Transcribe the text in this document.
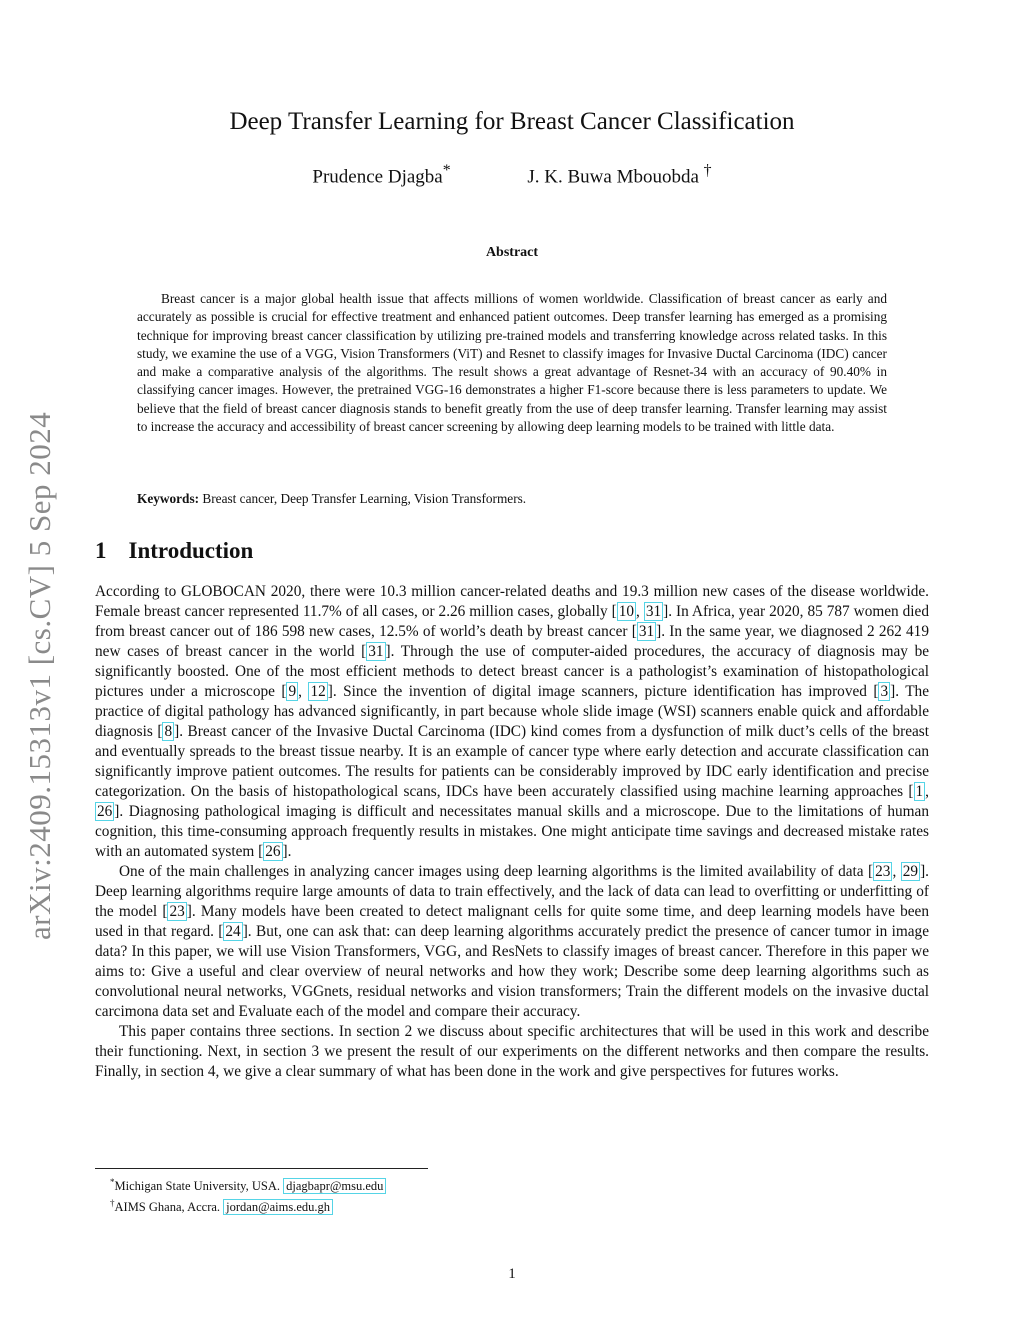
arXiv:2409.15313v1 [cs.CV] 5 Sep 2024
Deep Transfer Learning for Breast Cancer Classification
Prudence Djagba*	J. K. Buwa Mbouobda †
Abstract

Breast cancer is a major global health issue that affects millions of women worldwide. Classification of breast cancer as early and accurately as possible is crucial for effective treatment and enhanced patient outcomes. Deep transfer learning has emerged as a promising technique for improving breast cancer classification by utilizing pre-trained models and transferring knowledge across related tasks. In this study, we examine the use of a VGG, Vision Transformers (ViT) and Resnet to classify images for Invasive Ductal Carcinoma (IDC) cancer and make a comparative analysis of the algorithms. The result shows a great advantage of Resnet-34 with an accuracy of 90.40% in classifying cancer images. However, the pretrained VGG-16 demonstrates a higher F1-score because there is less parameters to update. We believe that the field of breast cancer diagnosis stands to benefit greatly from the use of deep transfer learning. Transfer learning may assist to increase the accuracy and accessibility of breast cancer screening by allowing deep learning models to be trained with little data.

Keywords: Breast cancer, Deep Transfer Learning, Vision Transformers.
1 Introduction

According to GLOBOCAN 2020, there were 10.3 million cancer-related deaths and 19.3 million new cases of the disease worldwide. Female breast cancer represented 11.7% of all cases, or 2.26 million cases, globally [ 10 , 31 ]. In Africa, year 2020, 85 787 women died from breast cancer out of 186 598 new cases, 12.5% of world’s death by breast cancer [ 31 ]. In the same year, we diagnosed 2 262 419 new cases of breast cancer in the world [ 31 ]. Through the use of computer-aided procedures, the accuracy of diagnosis may be significantly boosted. One of the most efficient methods to detect breast cancer is a pathologist’s examination of histopathological pictures under a microscope [ 9 , 12 ]. Since the invention of digital image scanners, picture identification has improved [ 3 ]. The practice of digital pathology has advanced significantly, in part because whole slide image (WSI) scanners enable quick and affordable diagnosis [ 8 ]. Breast cancer of the Invasive Ductal Carcinoma (IDC) kind comes from a dysfunction of milk duct’s cells of the breast and eventually spreads to the breast tissue nearby. It is an example of cancer type where early detection and accurate classification can significantly improve patient outcomes. The results for patients can be considerably improved by IDC early identification and precise categorization. On the basis of histopathological scans, IDCs have been accurately classified using machine learning approaches [ 1 , 26 ]. Diagnosing pathological imaging is difficult and necessitates manual skills and a microscope. Due to the limitations of human cognition, this time-consuming approach frequently results in mistakes. One might anticipate time savings and decreased mistake rates with an automated system [ 26 ].

One of the main challenges in analyzing cancer images using deep learning algorithms is the limited availability of data [ 23 , 29 ]. Deep learning algorithms require large amounts of data to train effectively, and the lack of data can lead to overfitting or underfitting of the model [ 23 ]. Many models have been created to detect malignant cells for quite some time, and deep learning models have been used in that regard. [ 24 ]. But, one can ask that: can deep learning algorithms accurately predict the presence of cancer tumor in image data? In this paper, we will use Vision Transformers, VGG, and ResNets to classify images of breast cancer. Therefore in this paper we aims to: Give a useful and clear overview of neural networks and how they work; Describe some deep learning algorithms such as convolutional neural networks, VGGnets, residual networks and vision transformers; Train the different models on the invasive ductal carcimona data set and Evaluate each of the model and compare their accuracy.

This paper contains three sections. In section 2 we discuss about specific architectures that will be used in this work and describe their functioning. Next, in section 3 we present the result of our experiments on the different networks and then compare the results. Finally, in section 4, we give a clear summary of what has been done in the work and give perspectives for futures works.

*Michigan State University, USA. djagbapr@msu.edu
†AIMS Ghana, Accra. jordan@aims.edu.gh
1
